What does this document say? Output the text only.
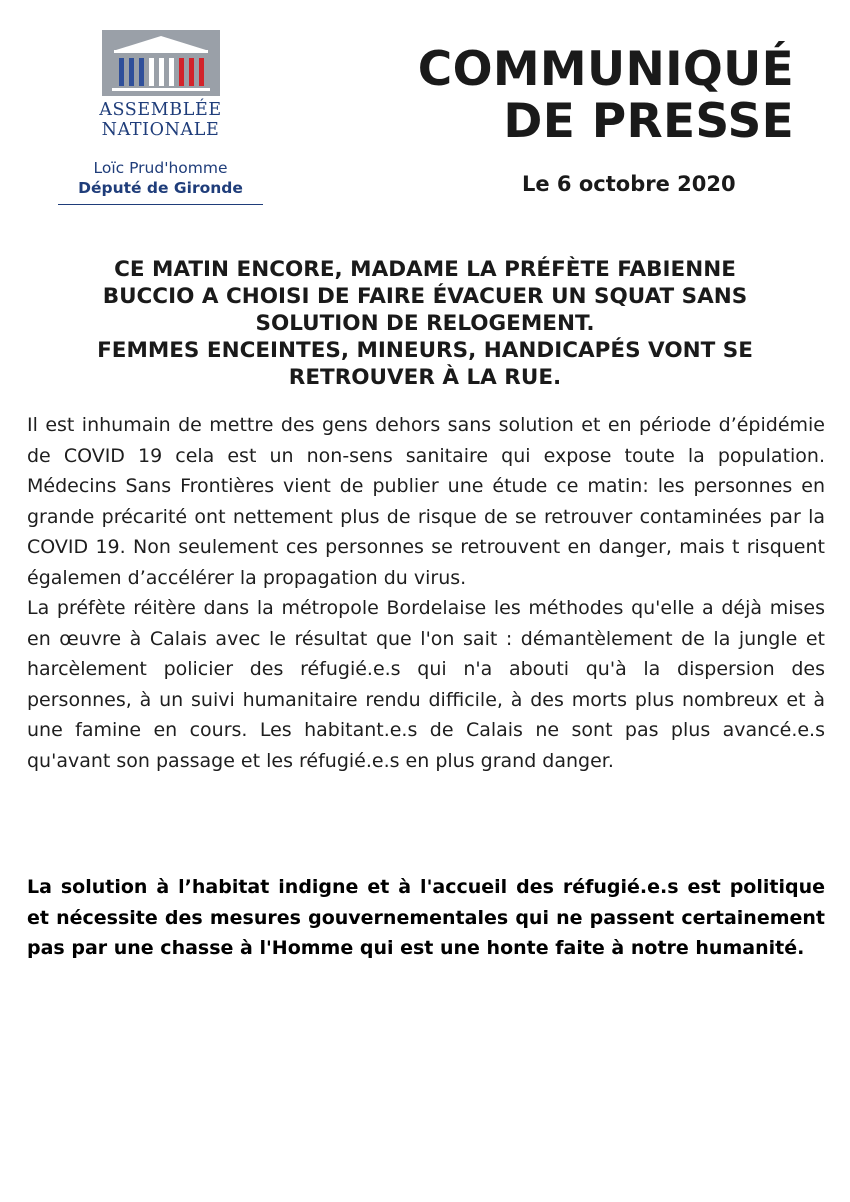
ASSEMBLÉE
NATIONALE
Loïc Prud'homme
Député de Gironde
COMMUNIQUÉ
DE PRESSE
Le 6 octobre 2020
CE MATIN ENCORE, MADAME LA PRÉFÈTE FABIENNE
BUCCIO A CHOISI DE FAIRE ÉVACUER UN SQUAT SANS
SOLUTION DE RELOGEMENT.
FEMMES ENCEINTES, MINEURS, HANDICAPÉS VONT SE
RETROUVER À LA RUE.

Il est inhumain de mettre des gens dehors sans solution et en période d’épidémie de COVID 19 cela est un non-sens sanitaire qui expose toute la population. Médecins Sans Frontières vient de publier une étude ce matin: les personnes en grande précarité ont nettement plus de risque de se retrouver contaminées par la COVID 19. Non seulement ces personnes se retrouvent en danger, mais t risquent égalemen d’accélérer la propagation du virus.

La préfète réitère dans la métropole Bordelaise les méthodes qu'elle a déjà mises en œuvre à Calais avec le résultat que l'on sait : démantèlement de la jungle et harcèlement policier des réfugié.e.s qui n'a abouti qu'à la dispersion des personnes, à un suivi humanitaire rendu difficile, à des morts plus nombreux et à une famine en cours. Les habitant.e.s de Calais ne sont pas plus avancé.e.s qu'avant son passage et les réfugié.e.s en plus grand danger.

La solution à l’habitat indigne et à l'accueil des réfugié.e.s est politique et nécessite des mesures gouvernementales qui ne passent certainement pas par une chasse à l'Homme qui est une honte faite à notre humanité.
